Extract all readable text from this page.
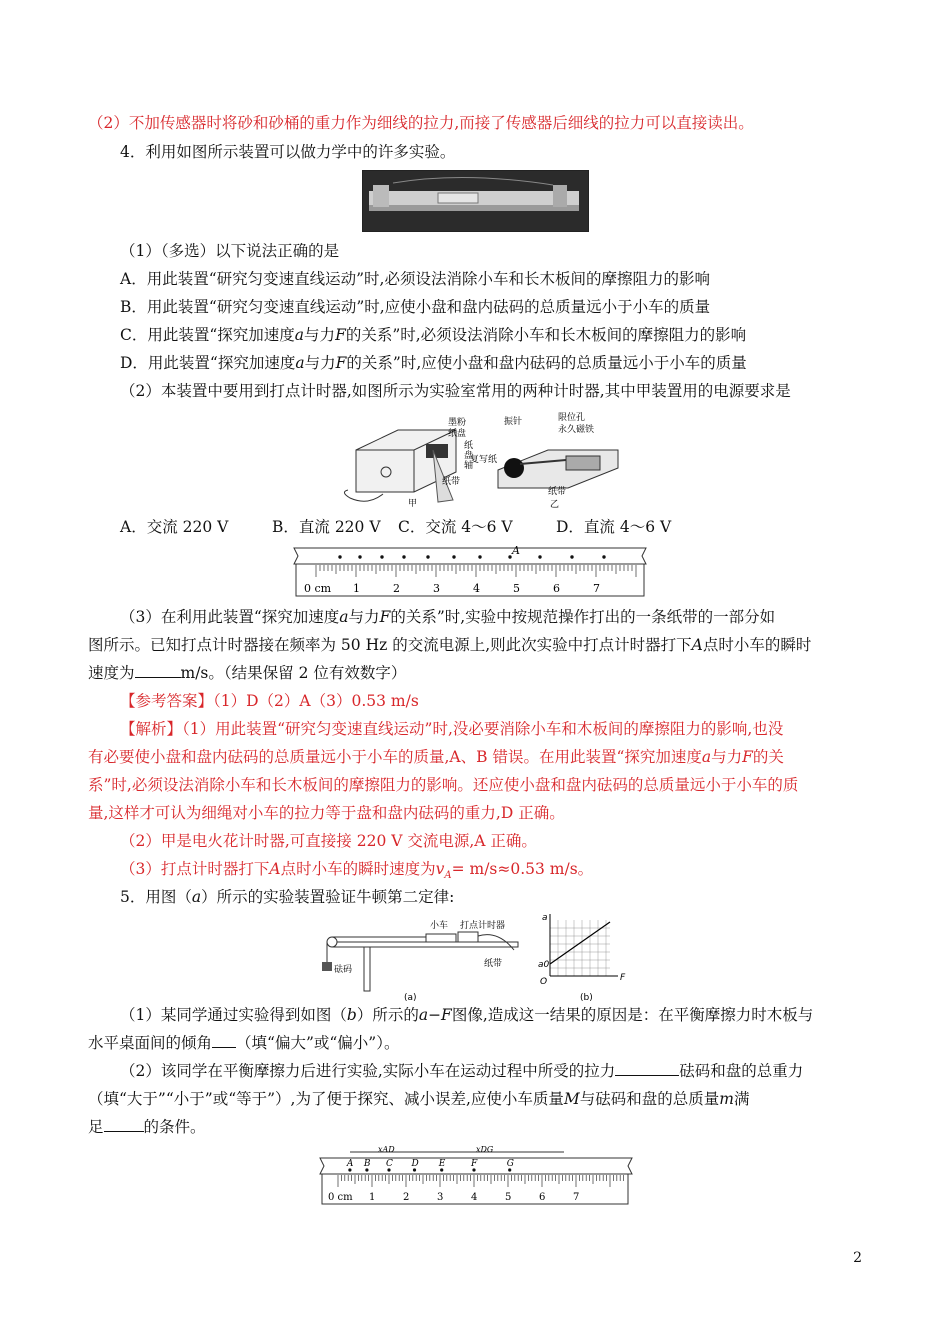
（2）不加传感器时将砂和砂桶的重力作为细线的拉力,而接了传感器后细线的拉力可以直接读出。
4．利用如图所示装置可以做力学中的许多实验。
（1）（多选）以下说法正确的是
A．用此装置“研究匀变速直线运动”时,必须设法消除小车和长木板间的摩擦阻力的影响
B．用此装置“研究匀变速直线运动”时,应使小盘和盘内砝码的总质量远小于小车的质量
C．用此装置“探究加速度a与力F的关系”时,必须设法消除小车和长木板间的摩擦阻力的影响
D．用此装置“探究加速度a与力F的关系”时,应使小盘和盘内砝码的总质量远小于小车的质量
（2）本装置中要用到打点计时器,如图所示为实验室常用的两种计时器,其中甲装置用的电源要求是
墨粉
纸盘
纸
盘
轴
纸带
甲
振针	限位孔
永久磁铁
复写纸
纸带
乙
A．交流 220 V	B．直流 220 V C．交流 4～6 V	D．直流 4～6 V
1	2	3	4	5	6	7
0 cm
A
（3）在利用此装置“探究加速度a与力F的关系”时,实验中按规范操作打出的一条纸带的一部分如
图所示。已知打点计时器接在频率为 50 Hz 的交流电源上,则此次实验中打点计时器打下A点时小车的瞬时
速度为	m/s。（结果保留 2 位有效数字）
【参考答案】（1）D（2）A（3）0.53 m/s
【解析】（1）用此装置“研究匀变速直线运动”时,没必要消除小车和木板间的摩擦阻力的影响,也没
有必要使小盘和盘内砝码的总质量远小于小车的质量,A、B 错误。在用此装置“探究加速度a与力F的关
系”时,必须设法消除小车和长木板间的摩擦阻力的影响。还应使小盘和盘内砝码的总质量远小于小车的质
量,这样才可认为细绳对小车的拉力等于盘和盘内砝码的重力,D 正确。
（2）甲是电火花计时器,可直接接 220 V 交流电源,A 正确。
（3）打点计时器打下A点时小车的瞬时速度为$v_A= m/s\approx 0.53$ m/s。
5．用图（a）所示的实验装置验证牛顿第二定律:
小车 打点计时器
砝码
纸带
(a)	(b)
a
F
O
a0
（1）某同学通过实验得到如图（b）所示的a−F图像,造成这一结果的原因是：在平衡摩擦力时木板与
水平桌面间的倾角 （填“偏大”或“偏小”）。
（2）该同学在平衡摩擦力后进行实验,实际小车在运动过程中所受的拉力	砝码和盘的总重力
（填“大于”“小于”或“等于”）,为了便于探究、减小误差,应使小车质量M与砝码和盘的总质量m满
足	的条件。
xAD	xDG
1	2	3	4	5	6	7
A B C D E	F	G
0 cm
2
